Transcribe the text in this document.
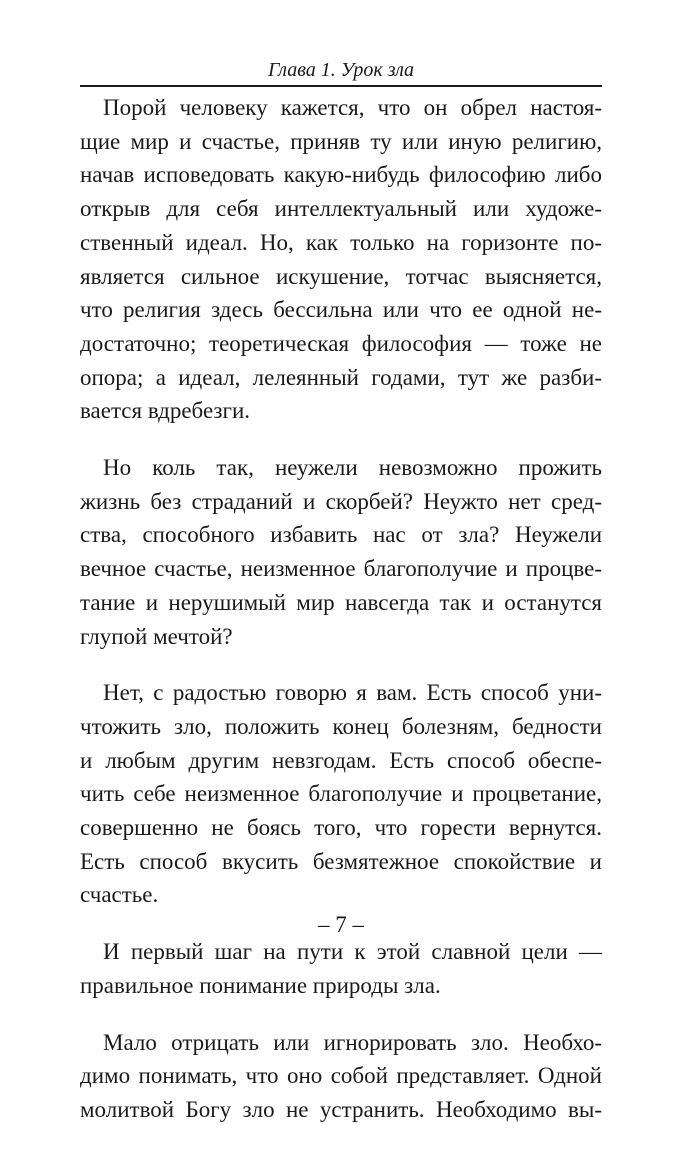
Глава 1. Урок зла

Порой человеку кажется, что он обрел настоя-
щие мир и счастье, приняв ту или иную религию,
начав исповедовать какую-нибудь философию либо
открыв для себя интеллектуальный или художе-
ственный идеал. Но, как только на горизонте по-
является сильное искушение, тотчас выясняется,
что религия здесь бессильна или что ее одной не-
достаточно; теоретическая философия — тоже не
опора; а идеал, лелеянный годами, тут же разби-
вается вдребезги.

Но коль так, неужели невозможно прожить
жизнь без страданий и скорбей? Неужто нет сред-
ства, способного избавить нас от зла? Неужели
вечное счастье, неизменное благополучие и процве-
тание и нерушимый мир навсегда так и останутся
глупой мечтой?

Нет, с радостью говорю я вам. Есть способ уни-
чтожить зло, положить конец болезням, бедности
и любым другим невзгодам. Есть способ обеспе-
чить себе неизменное благополучие и процветание,
совершенно не боясь того, что горести вернутся.
Есть способ вкусить безмятежное спокойствие и
счастье.

И первый шаг на пути к этой славной цели —
правильное понимание природы зла.

Мало отрицать или игнорировать зло. Необхо-
димо понимать, что оно собой представляет. Одной
молитвой Богу зло не устранить. Необходимо вы-

– 7 –
